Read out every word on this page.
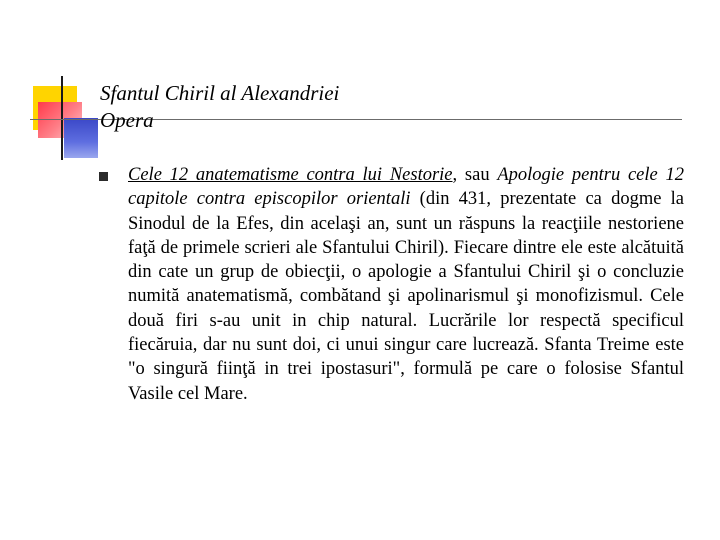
Sfantul Chiril al Alexandriei
Opera
Cele 12 anatematisme contra lui Nestorie, sau Apologie pentru cele 12 capitole contra episcopilor orientali (din 431, prezentate ca dogme la Sinodul de la Efes, din acelaşi an, sunt un răspuns la reacţiile nestoriene faţă de primele scrieri ale Sfantului Chiril). Fiecare dintre ele este alcătuită din cate un grup de obiecţii, o apologie a Sfantului Chiril şi o concluzie numită anatematismă, combătand şi apolinarismul şi monofizismul. Cele două firi s-au unit in chip natural. Lucrările lor respectă specificul fiecăruia, dar nu sunt doi, ci unui singur care lucrează. Sfanta Treime este "o singură fiinţă in trei ipostasuri", formulă pe care o folosise Sfantul Vasile cel Mare.
